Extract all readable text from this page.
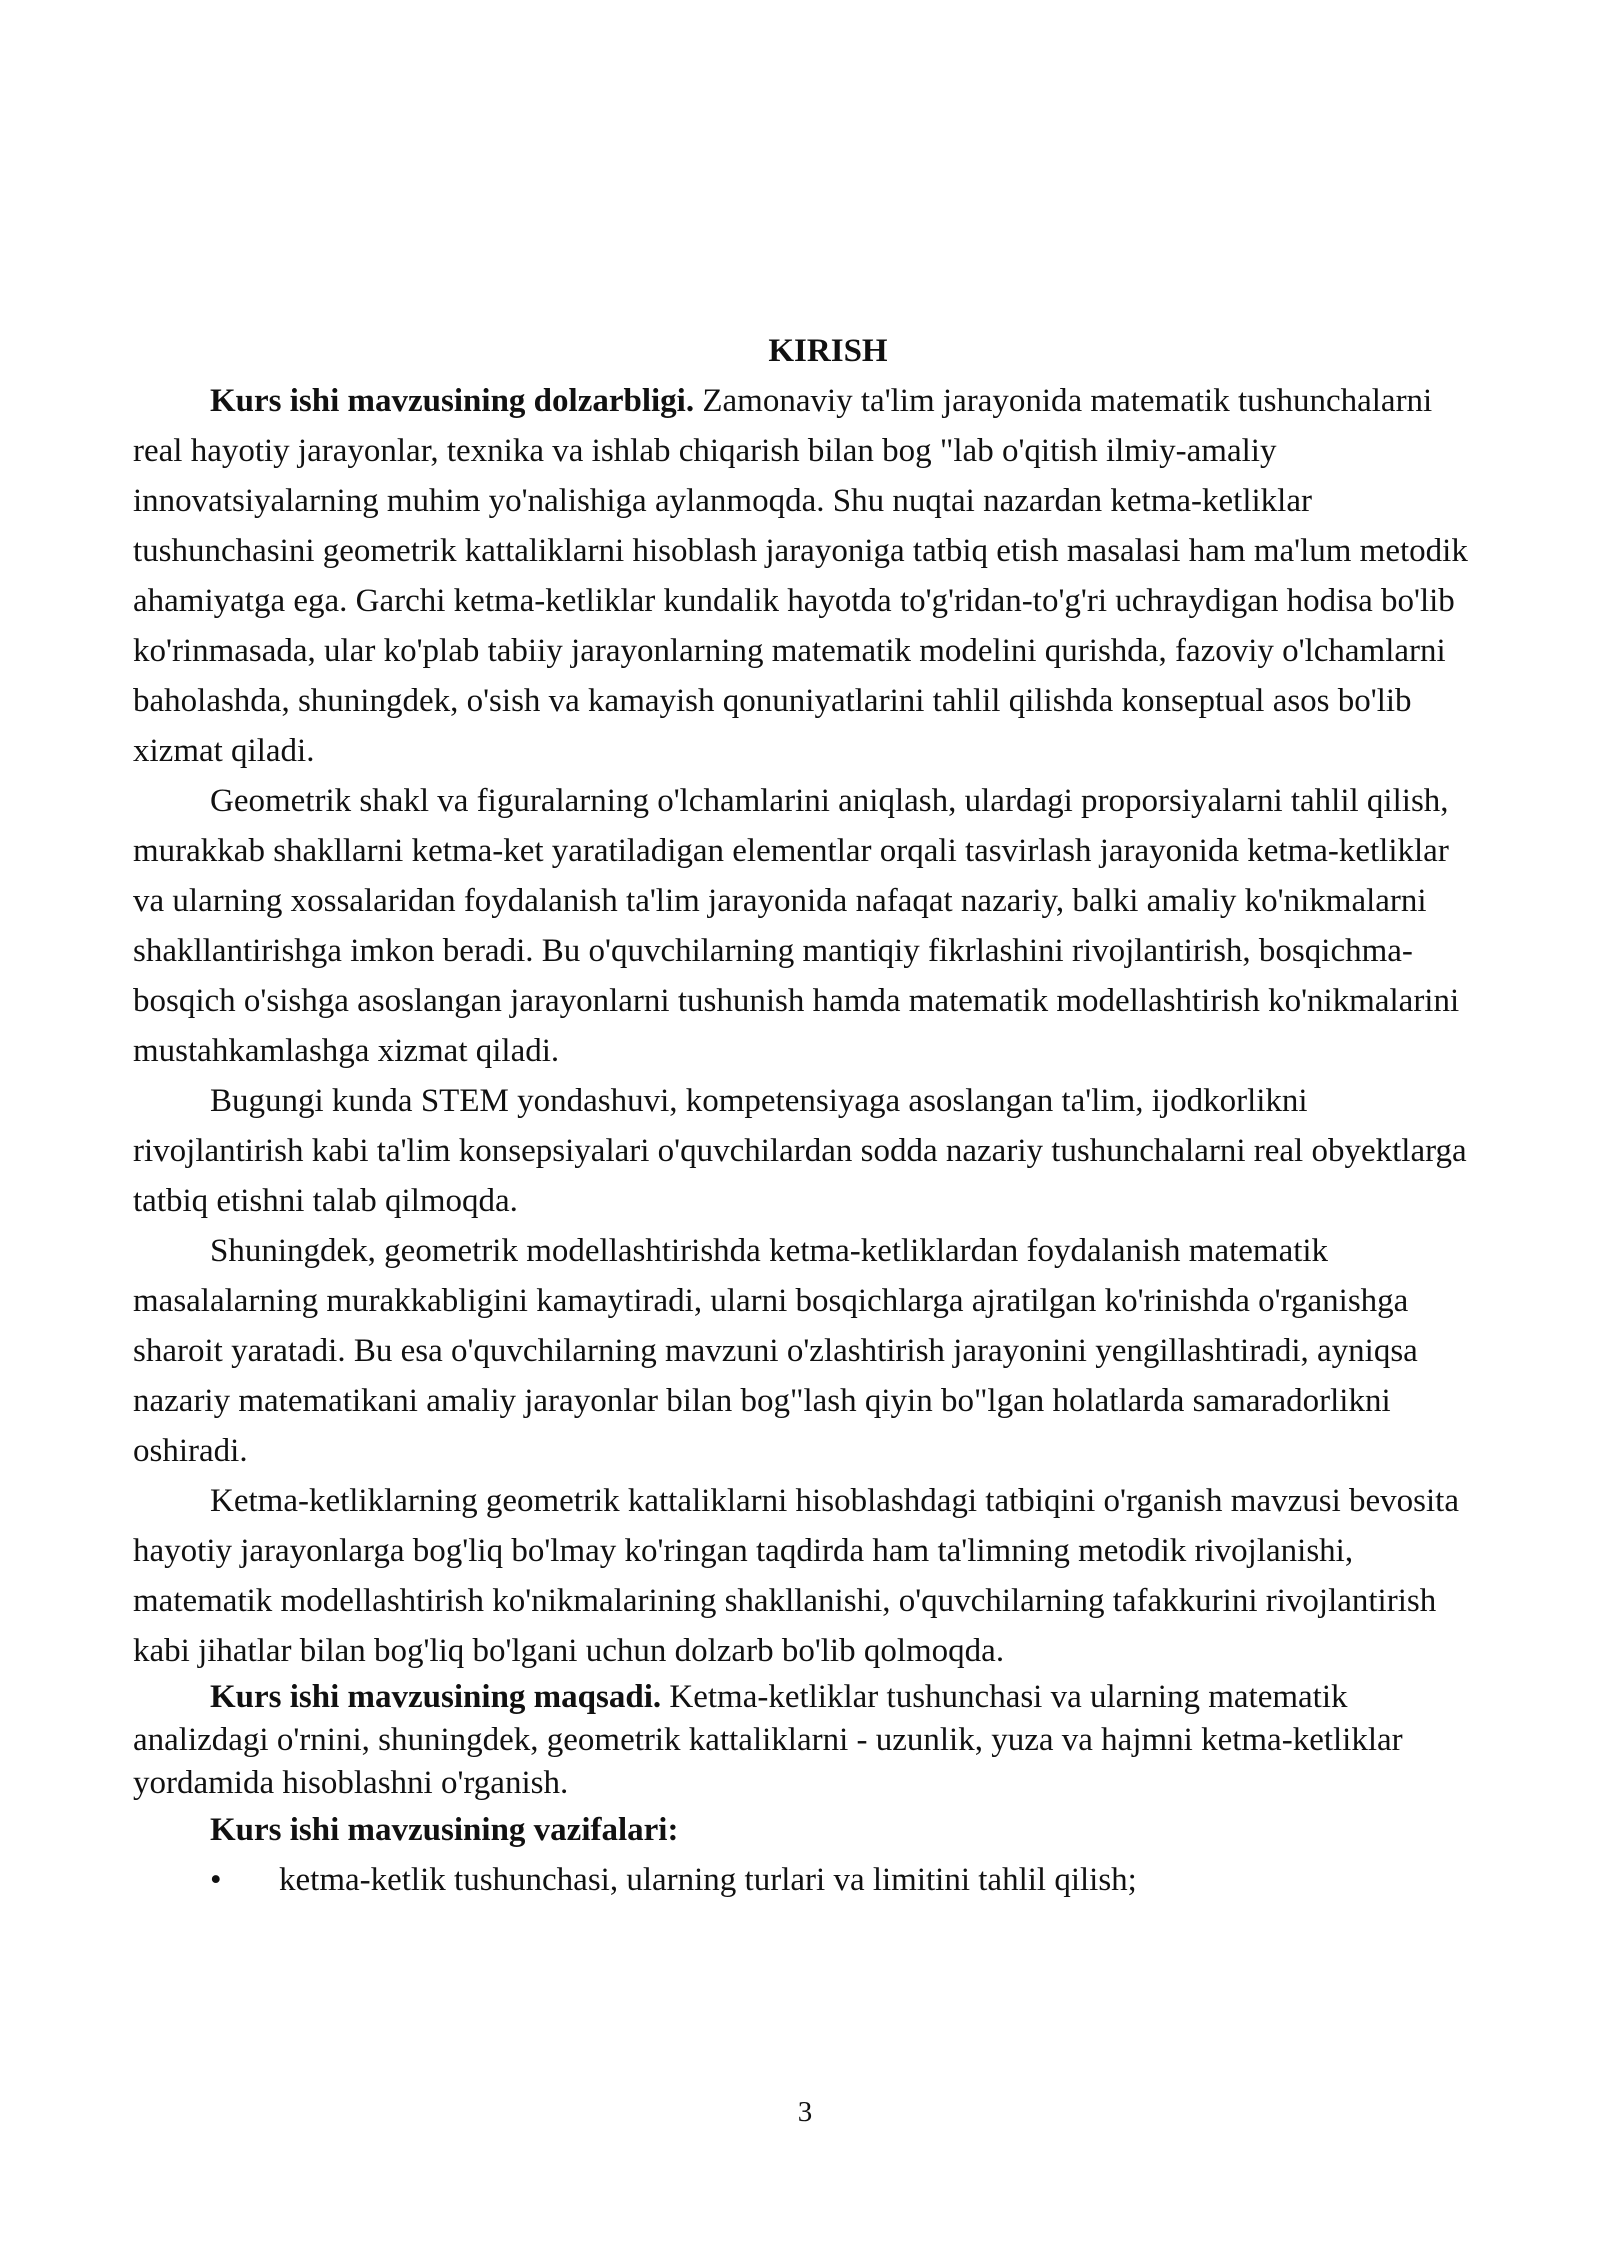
KIRISH

Kurs ishi mavzusining dolzarbligi. Zamonaviy ta'lim jarayonida matematik tushunchalarni real hayotiy jarayonlar, texnika va ishlab chiqarish bilan bog "lab o'qitish ilmiy-amaliy innovatsiyalarning muhim yo'nalishiga aylanmoqda. Shu nuqtai nazardan ketma-ketliklar tushunchasini geometrik kattaliklarni hisoblash jarayoniga tatbiq etish masalasi ham ma'lum metodik ahamiyatga ega. Garchi ketma-ketliklar kundalik hayotda to'g'ridan-to'g'ri uchraydigan hodisa bo'lib ko'rinmasada, ular ko'plab tabiiy jarayonlarning matematik modelini qurishda, fazoviy o'lchamlarni baholashda, shuningdek, o'sish va kamayish qonuniyatlarini tahlil qilishda konseptual asos bo'lib xizmat qiladi.

Geometrik shakl va figuralarning o'lchamlarini aniqlash, ulardagi proporsiyalarni tahlil qilish, murakkab shakllarni ketma-ket yaratiladigan elementlar orqali tasvirlash jarayonida ketma-ketliklar va ularning xossalaridan foydalanish ta'lim jarayonida nafaqat nazariy, balki amaliy ko'nikmalarni shakllantirishga imkon beradi. Bu o'quvchilarning mantiqiy fikrlashini rivojlantirish, bosqichma-bosqich o'sishga asoslangan jarayonlarni tushunish hamda matematik modellashtirish ko'nikmalarini mustahkamlashga xizmat qiladi.

Bugungi kunda STEM yondashuvi, kompetensiyaga asoslangan ta'lim, ijodkorlikni rivojlantirish kabi ta'lim konsepsiyalari o'quvchilardan sodda nazariy tushunchalarni real obyektlarga tatbiq etishni talab qilmoqda.

Shuningdek, geometrik modellashtirishda ketma-ketliklardan foydalanish matematik masalalarning murakkabligini kamaytiradi, ularni bosqichlarga ajratilgan ko'rinishda o'rganishga sharoit yaratadi. Bu esa o'quvchilarning mavzuni o'zlashtirish jarayonini yengillashtiradi, ayniqsa nazariy matematikani amaliy jarayonlar bilan bog"lash qiyin bo"lgan holatlarda samaradorlikni oshiradi.

Ketma-ketliklarning geometrik kattaliklarni hisoblashdagi tatbiqini o'rganish mavzusi bevosita hayotiy jarayonlarga bog'liq bo'lmay ko'ringan taqdirda ham ta'limning metodik rivojlanishi, matematik modellashtirish ko'nikmalarining shakllanishi, o'quvchilarning tafakkurini rivojlantirish kabi jihatlar bilan bog'liq bo'lgani uchun dolzarb bo'lib qolmoqda.

Kurs ishi mavzusining maqsadi. Ketma-ketliklar tushunchasi va ularning matematik analizdagi o'rnini, shuningdek, geometrik kattaliklarni - uzunlik, yuza va hajmni ketma-ketliklar yordamida hisoblashni o'rganish.

Kurs ishi mavzusining vazifalari:
• ketma-ketlik tushunchasi, ularning turlari va limitini tahlil qilish;
3
